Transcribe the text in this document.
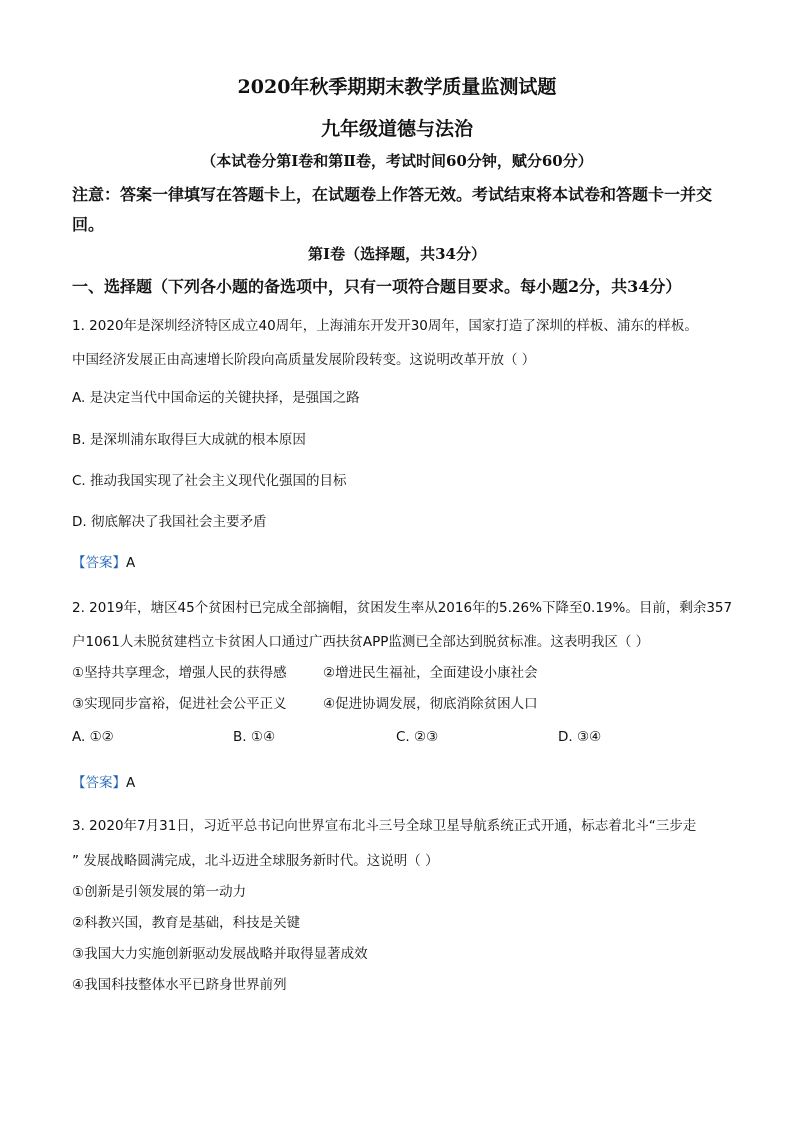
2020年秋季期期末教学质量监测试题
九年级道德与法治
（本试卷分第Ⅰ卷和第Ⅱ卷，考试时间60分钟，赋分60分）
注意：答案一律填写在答题卡上，在试题卷上作答无效。考试结束将本试卷和答题卡一并交回。
第Ⅰ卷（选择题，共34分）
一、选择题（下列各小题的备选项中，只有一项符合题目要求。每小题2分，共34分）
1. 2020年是深圳经济特区成立40周年，上海浦东开发开30周年，国家打造了深圳的样板、浦东的样板。
中国经济发展正由高速增长阶段向高质量发展阶段转变。这说明改革开放（ ）
A. 是决定当代中国命运的关键抉择，是强国之路
B. 是深圳浦东取得巨大成就的根本原因
C. 推动我国实现了社会主义现代化强国的目标
D. 彻底解决了我国社会主要矛盾
【答案】A
2. 2019年，塘区45个贫困村已完成全部摘帽，贫困发生率从2016年的5.26%下降至0.19%。目前，剩余357
户1061人未脱贫建档立卡贫困人口通过广西扶贫APP监测已全部达到脱贫标准。这表明我区（ ）
①坚持共享理念，增强人民的获得感	②增进民生福祉，全面建设小康社会
③实现同步富裕，促进社会公平正义	④促进协调发展，彻底消除贫困人口
A. ①②	B. ①④	C. ②③	D. ③④
【答案】A
3. 2020年7月31日，习近平总书记向世界宣布北斗三号全球卫星导航系统正式开通，标志着北斗“三步走
” 发展战略圆满完成，北斗迈进全球服务新时代。这说明（ ）
①创新是引领发展的第一动力
②科教兴国，教育是基础，科技是关键
③我国大力实施创新驱动发展战略并取得显著成效
④我国科技整体水平已跻身世界前列
